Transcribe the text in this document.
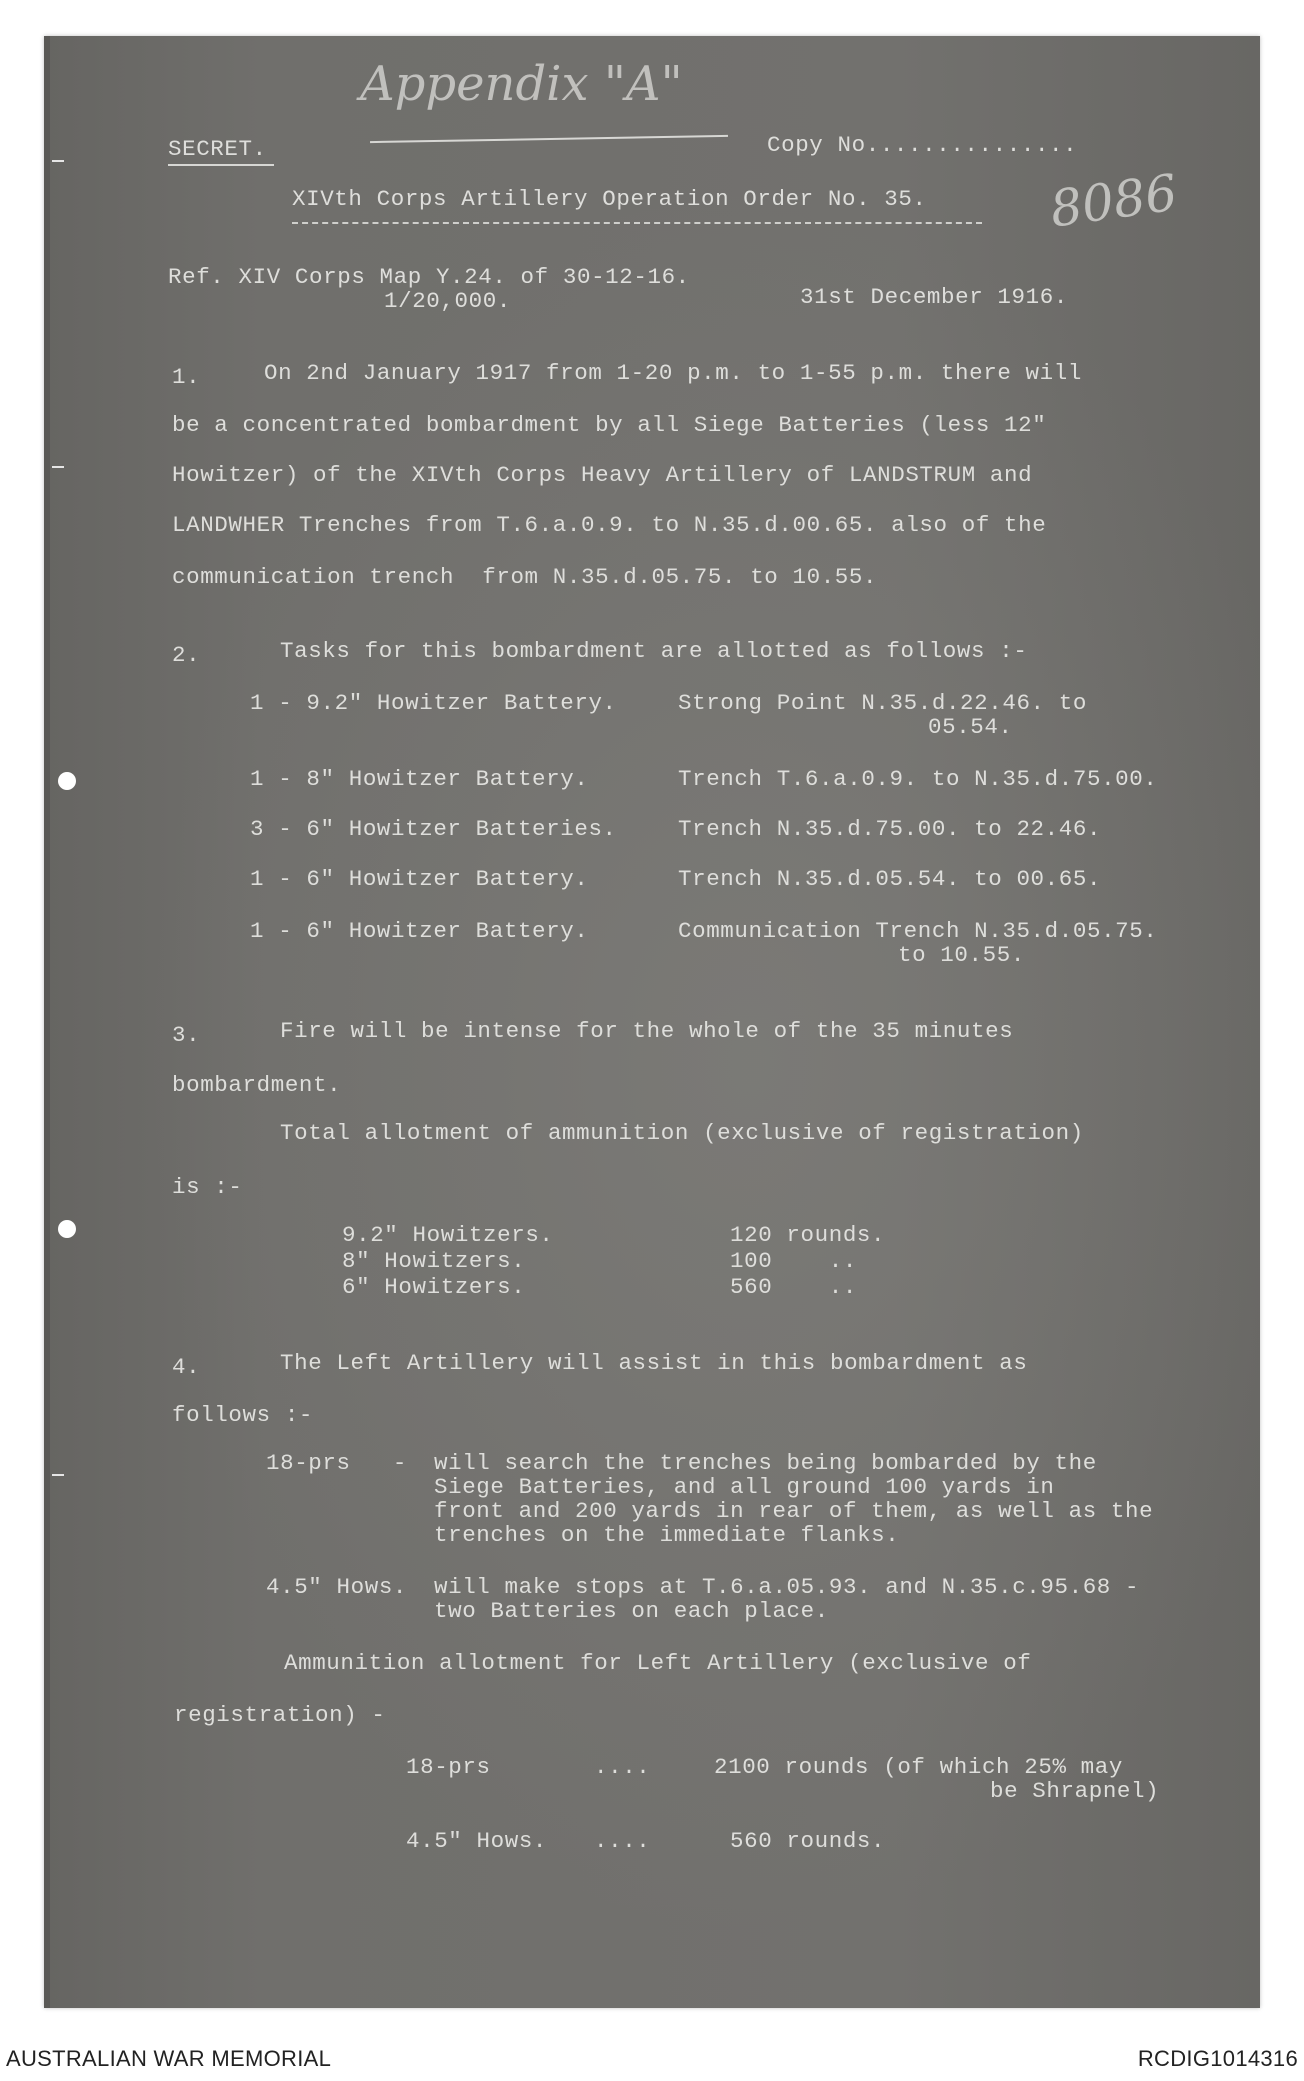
Appendix "A"
8086
SECRET.	Copy No...............
XIVth Corps Artillery Operation Order No. 35.
Ref. XIV Corps Map Y.24. of 30-12-16.
1/20,000.	31st December 1916.
1.	On 2nd January 1917 from 1-20 p.m. to 1-55 p.m. there will
be a concentrated bombardment by all Siege Batteries (less 12"
Howitzer) of the XIVth Corps Heavy Artillery of LANDSTRUM and
LANDWHER Trenches from T.6.a.0.9. to N.35.d.00.65. also of the
communication trench  from N.35.d.05.75. to 10.55.
2.	Tasks for this bombardment are allotted as follows :-
1 - 9.2" Howitzer Battery.	Strong Point N.35.d.22.46. to
05.54.
1 - 8" Howitzer Battery.	Trench T.6.a.0.9. to N.35.d.75.00.
3 - 6" Howitzer Batteries.	Trench N.35.d.75.00. to 22.46.
1 - 6" Howitzer Battery.	Trench N.35.d.05.54. to 00.65.
1 - 6" Howitzer Battery.	Communication Trench N.35.d.05.75.
to 10.55.
3.	Fire will be intense for the whole of the 35 minutes
bombardment.
Total allotment of ammunition (exclusive of registration)
is :-
9.2" Howitzers.	120 rounds.
8" Howitzers.	100    ..
6" Howitzers.	560    ..
4.	The Left Artillery will assist in this bombardment as
follows :-
18-prs   - will search the trenches being bombarded by the
Siege Batteries, and all ground 100 yards in
front and 200 yards in rear of them, as well as the
trenches on the immediate flanks.
4.5" Hows. will make stops at T.6.a.05.93. and N.35.c.95.68 -
two Batteries on each place.
Ammunition allotment for Left Artillery (exclusive of
registration) -
18-prs	....	2100 rounds (of which 25% may
be Shrapnel)
4.5" Hows. ....	560 rounds.
AUSTRALIAN WAR MEMORIAL	RCDIG1014316
